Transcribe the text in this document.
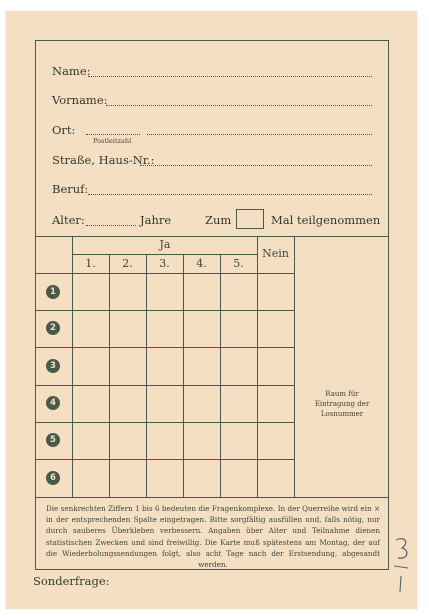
Name:
Vorname:
Ort:
Postleitzahl
Straße, Haus-Nr.:
Beruf:
Alter:	Jahre	Zum	Mal teilgenommen
Ja
Nein
1.	2.	3.	4.	5.
1
2
3
4
5
6
Raum für
Eintragung der
Losnummer
Die senkrechten Ziffern 1 bis 6 bedeuten die Fragenkomplexe. In der Querreihe wird ein × in der entsprechenden Spalte eingetragen. Bitte sorgfältig ausfüllen und, falls nötig, nur durch sauberes Überkleben verbessern. Angaben über Alter und Teilnahme dienen statistischen Zwecken und sind freiwillig. Die Karte muß spätestens am Montag, der auf die Wiederholungssendungen folgt, also acht Tage nach der Erstsendung, abgesandt werden.
Sonderfrage:
